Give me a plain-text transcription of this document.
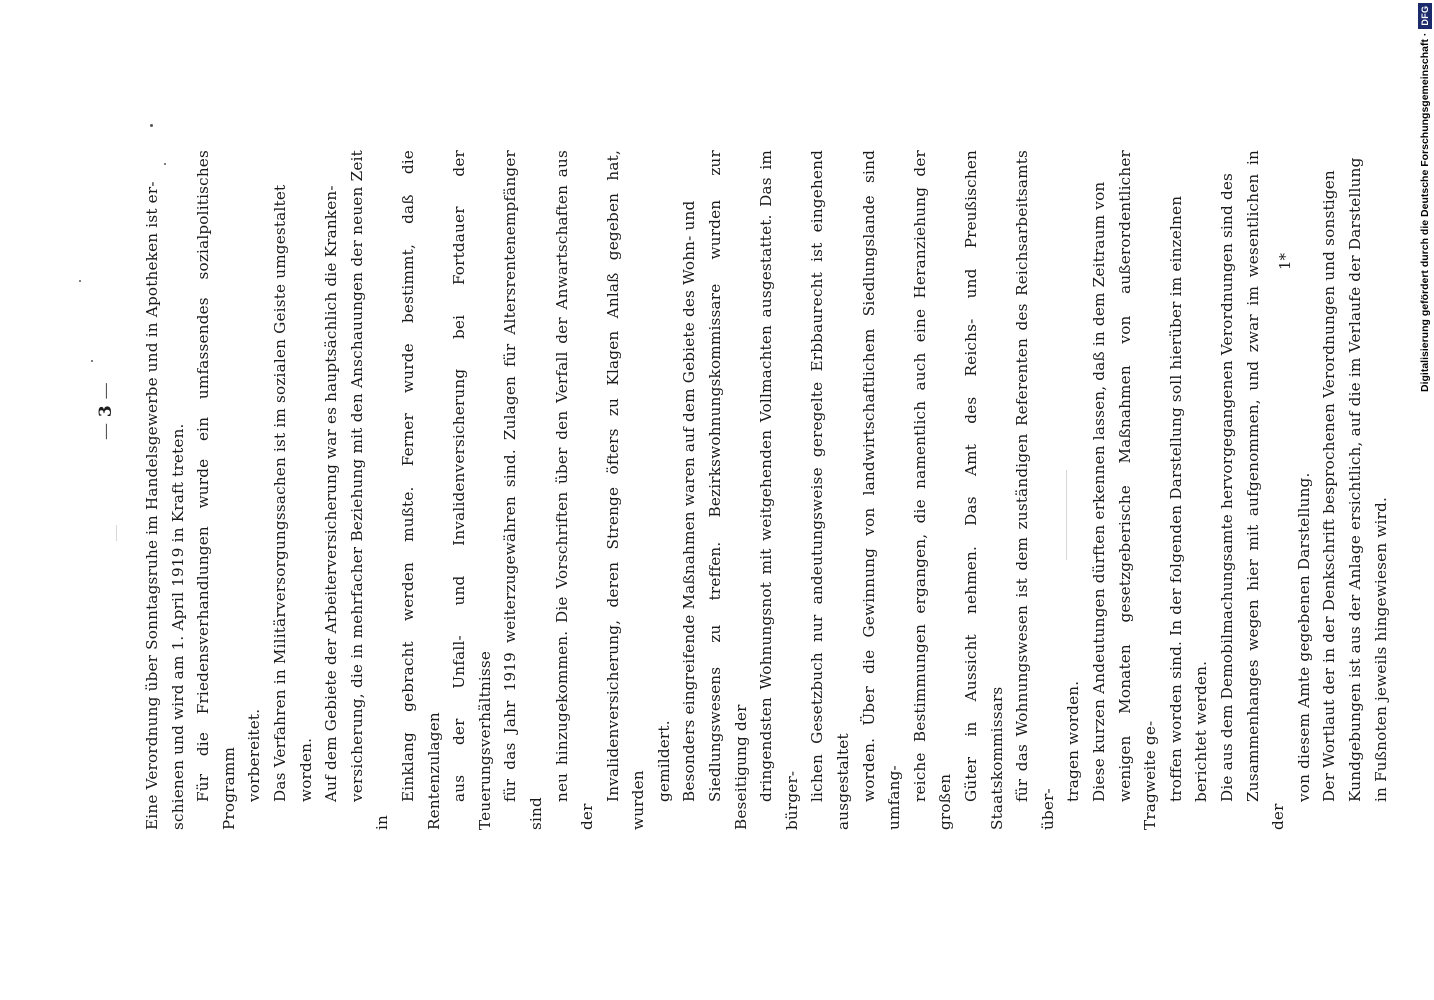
— 3 —	Eine Verordnung über Sonntagsruhe im Handelsgewerbe und in Apotheken ist er- schienen und wird am 1. April 1919 in Kraft treten. Für die Friedensverhandlungen wurde ein umfassendes sozialpolitisches Programm vorbereitet. Das Verfahren in Militärversorgungssachen ist im sozialen Geiste umgestaltet worden. Auf dem Gebiete der Arbeiterversicherung war es hauptsächlich die Kranken- versicherung, die in mehrfacher Beziehung mit den Anschauungen der neuen Zeit in
Einklang gebracht werden mußte. Ferner wurde bestimmt, daß die Rentenzulagen aus der Unfall- und Invalidenversicherung bei Fortdauer der Teuerungsverhältnisse für das Jahr 1919 weiterzugewähren sind. Zulagen für Altersrentenempfänger sind
neu hinzugekommen. Die Vorschriften über den Verfall der Anwartschaften aus der
Invalidenversicherung, deren Strenge öfters zu Klagen Anlaß gegeben hat, wurden gemildert. Besonders eingreifende Maßnahmen waren auf dem Gebiete des Wohn- und Siedlungswesens zu treffen. Bezirkswohnungskommissare wurden zur Beseitigung der dringendsten Wohnungsnot mit weitgehenden Vollmachten ausgestattet. Das im bürger- lichen Gesetzbuch nur andeutungsweise geregelte Erbbaurecht ist eingehend ausgestaltet worden. Über die Gewinnung von landwirtschaftlichem Siedlungslande sind umfang- reiche Bestimmungen ergangen, die namentlich auch eine Heranziehung der großen Güter in Aussicht nehmen. Das Amt des Reichs- und Preußischen Staatskommissars für das Wohnungswesen ist dem zuständigen Referenten des Reichsarbeitsamts über-
tragen worden. Diese kurzen Andeutungen dürften erkennen lassen, daß in dem Zeitraum von wenigen Monaten gesetzgeberische Maßnahmen von außerordentlicher Tragweite ge- troffen worden sind. In der folgenden Darstellung soll hierüber im einzelnen berichtet werden. Die aus dem Demobilmachungsamte hervorgegangenen Verordnungen sind des Zusammenhanges wegen hier mit aufgenommen, und zwar im wesentlichen in der
von diesem Amte gegebenen Darstellung. Der Wortlaut der in der Denkschrift besprochenen Verordnungen und sonstigen Kundgebungen ist aus der Anlage ersichtlich, auf die im Verlaufe der Darstellung in Fußnoten jeweils hingewiesen wird.

1*	Digitalisierung gefördert durch die Deutsche Forschungsgemeinschaft ·
DFG
